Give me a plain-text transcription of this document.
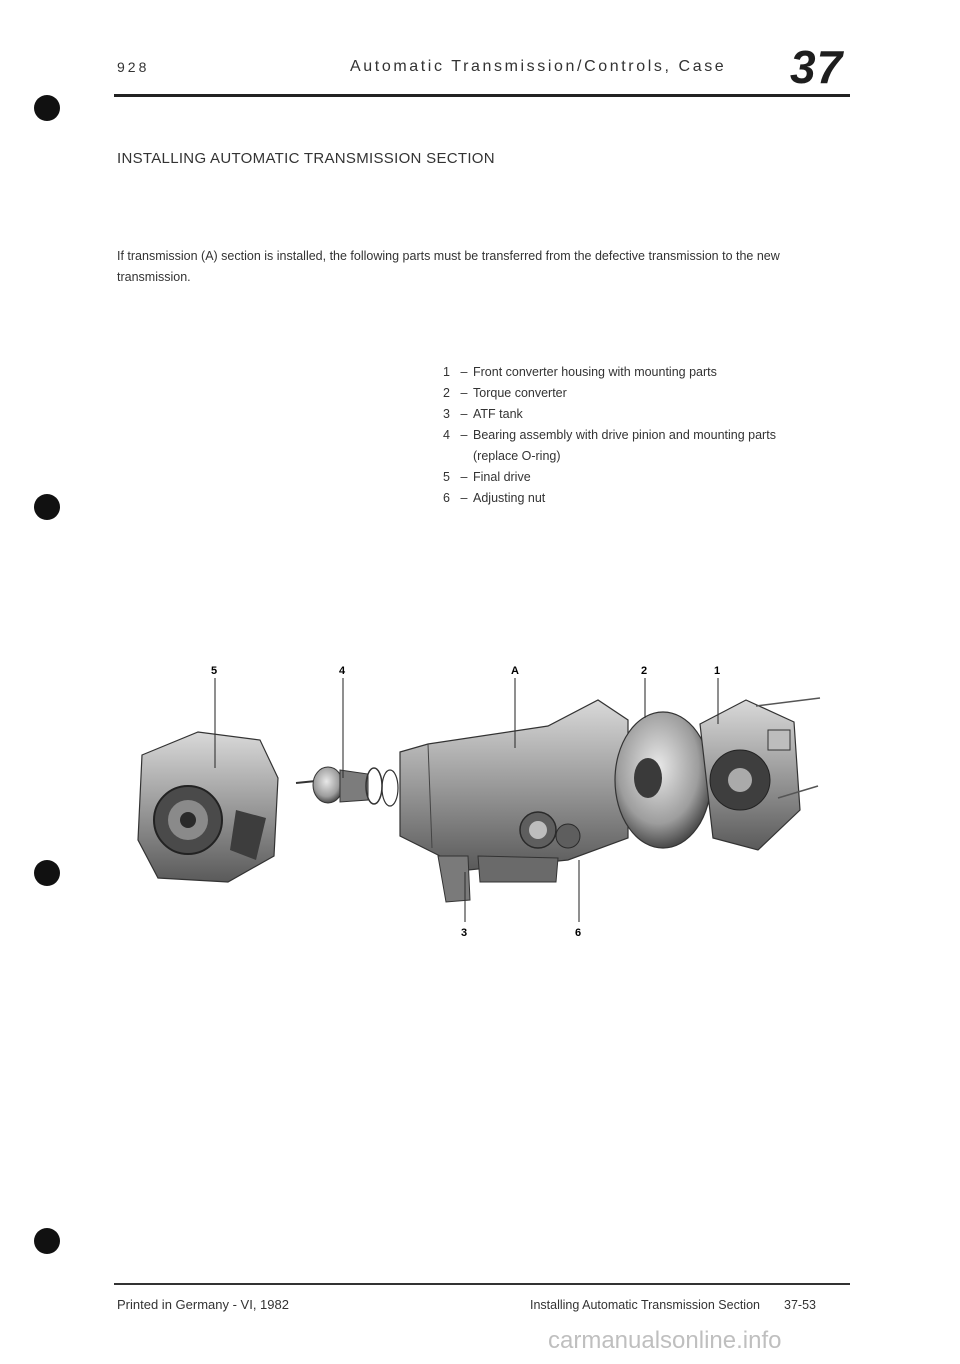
928	Automatic Transmission/Controls, Case 37
INSTALLING AUTOMATIC TRANSMISSION SECTION
If transmission (A) section is installed, the following parts must be transferred from the defective transmission to the new transmission.
1 – Front converter housing with mounting parts
2 – Torque converter
3 – ATF tank
4 – Bearing assembly with drive pinion and mounting parts (replace O-ring)
5 – Final drive
6 – Adjusting nut
5	4	A	2	1
3	6
Printed in Germany - VI, 1982	Installing Automatic Transmission Section 37-53
carmanualsonline.info
